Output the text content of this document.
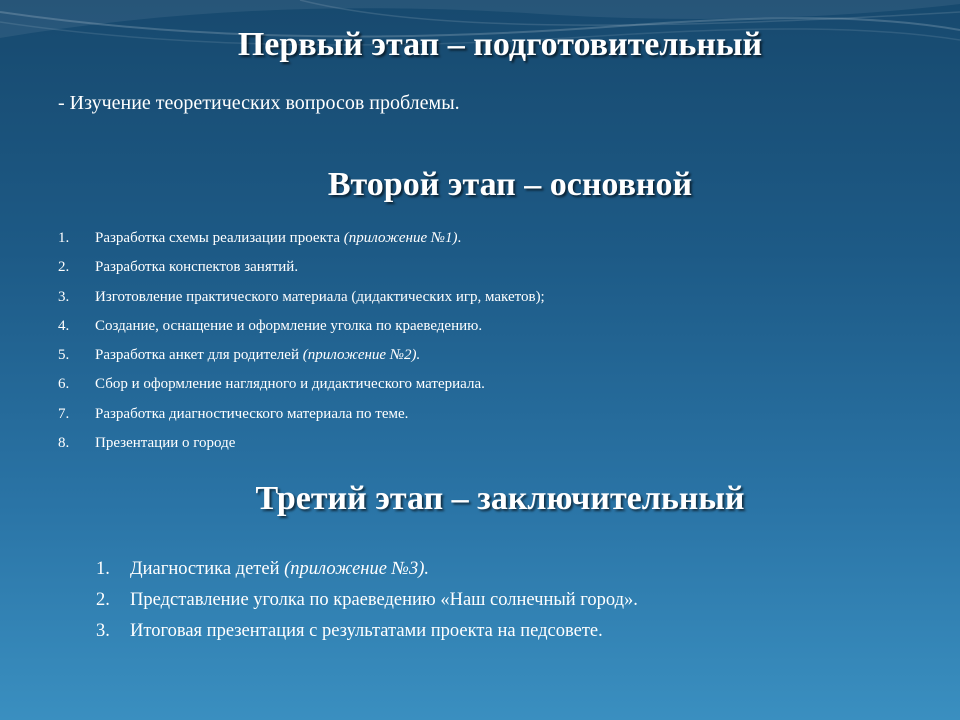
Первый этап – подготовительный
- Изучение теоретических вопросов проблемы.
Второй этап – основной
1.	Разработка схемы реализации проекта (приложение №1).
2.	Разработка конспектов занятий.
3.	Изготовление практического материала (дидактических игр, макетов);
4.	Создание, оснащение и оформление уголка по краеведению.
5.	Разработка анкет для родителей (приложение №2).
6.	Сбор и оформление наглядного и дидактического материала.
7.	Разработка диагностического материала по теме.
8.	Презентации о городе
Третий этап – заключительный
1.	Диагностика детей (приложение №3).
2.	Представление уголка по краеведению «Наш солнечный город».
3.	Итоговая презентация с результатами проекта на педсовете.
